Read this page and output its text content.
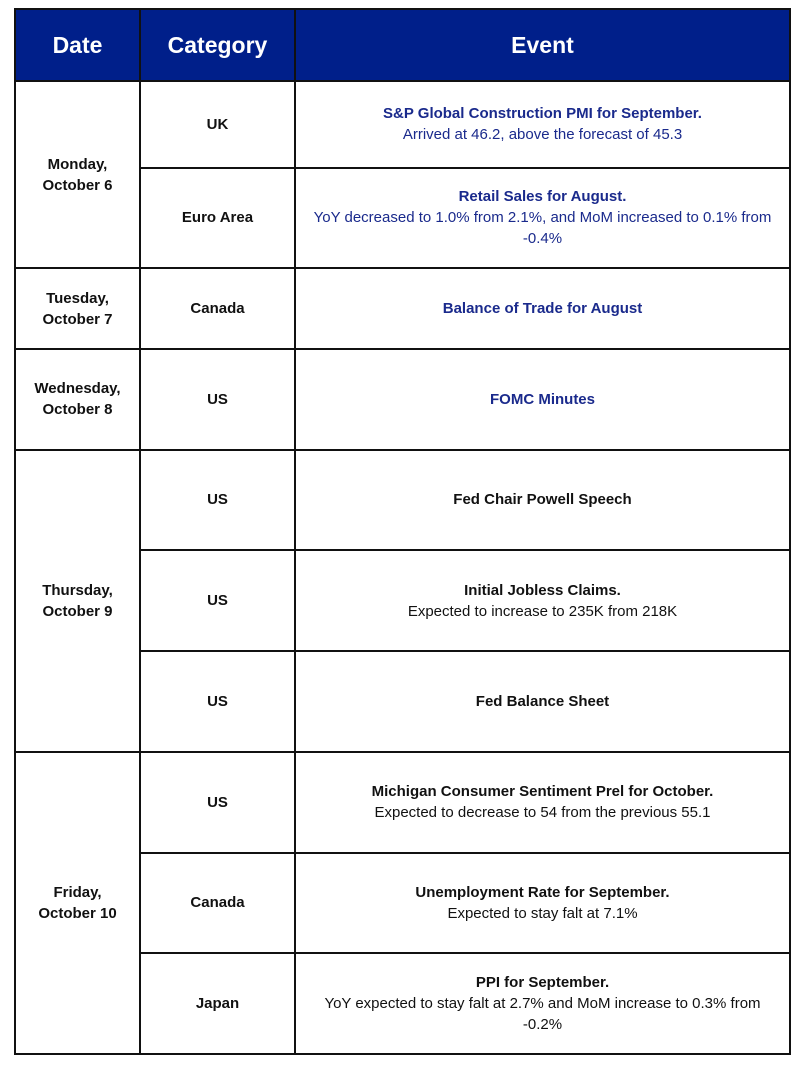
Date	Category	Event
Monday,
October 6	UK	S&P Global Construction PMI for September.
Arrived at 46.2, above the forecast of 45.3

	Euro Area	Retail Sales for August.
YoY decreased to 1.0% from 2.1%, and MoM increased to 0.1% from -0.4%

Tuesday,
October 7	Canada	Balance of Trade for August

Wednesday,
October 8	US	FOMC Minutes

Thursday,
October 9	US	Fed Chair Powell Speech

	US	Initial Jobless Claims.
Expected to increase to 235K from 218K

	US	Fed Balance Sheet

Friday,
October 10	US	Michigan Consumer Sentiment Prel for October.
Expected to decrease to 54 from the previous 55.1

	Canada	Unemployment Rate for September.
Expected to stay falt at 7.1%

	Japan	PPI for September.
YoY expected to stay falt at 2.7% and MoM increase to 0.3% from -0.2%
